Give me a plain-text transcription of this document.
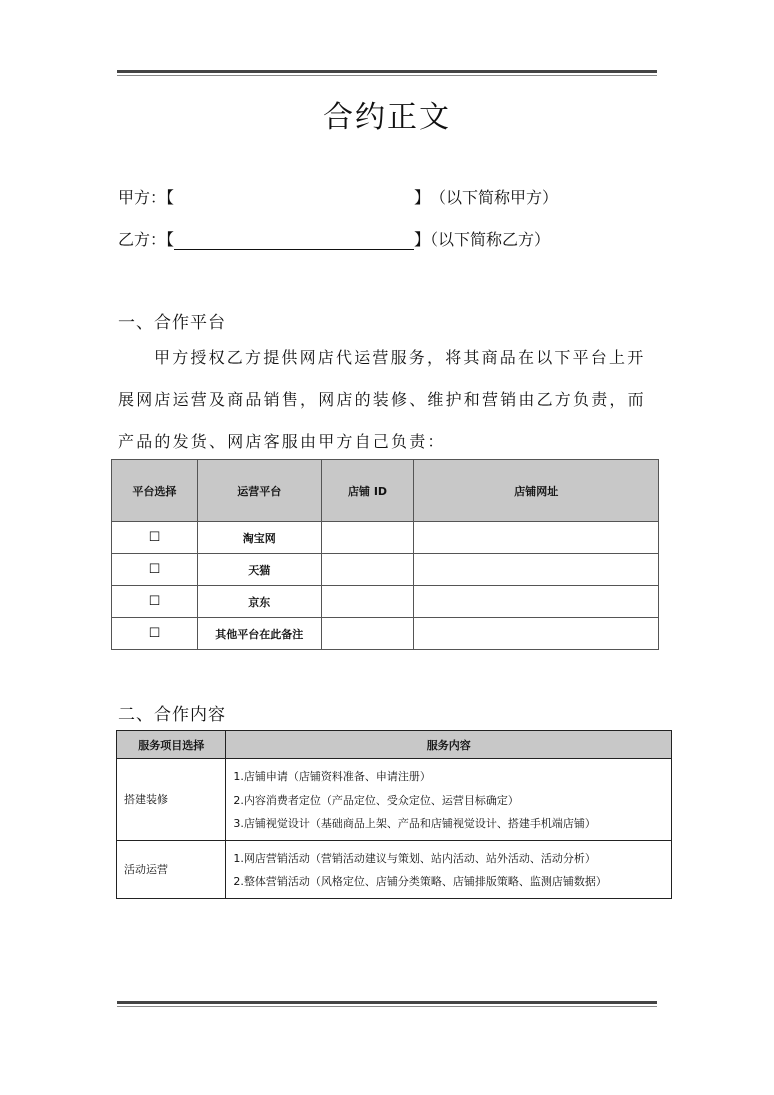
合约正文
甲方：【	】 （以下简称甲方）
乙方：【	】（以下简称乙方）
一、合作平台
甲方授权乙方提供网店代运营服务，将其商品在以下平台上开展网店运营及商品销售，网店的装修、维护和营销由乙方负责，而产品的发货、网店客服由甲方自己负责：
平台选择	运营平台	店铺 ID	店铺网址
☐	淘宝网		
☐	天猫		
☐	京东		
☐	其他平台在此备注		
二、合作内容
服务项目选择	服务内容
搭建装修	1.店铺申请（店铺资料准备、申请注册）
2.内容消费者定位（产品定位、受众定位、运营目标确定）
3.店铺视觉设计（基础商品上架、产品和店铺视觉设计、搭建手机端店铺）

活动运营	1.网店营销活动（营销活动建议与策划、站内活动、站外活动、活动分析）
2.整体营销活动（风格定位、店铺分类策略、店铺排版策略、监测店铺数据）
